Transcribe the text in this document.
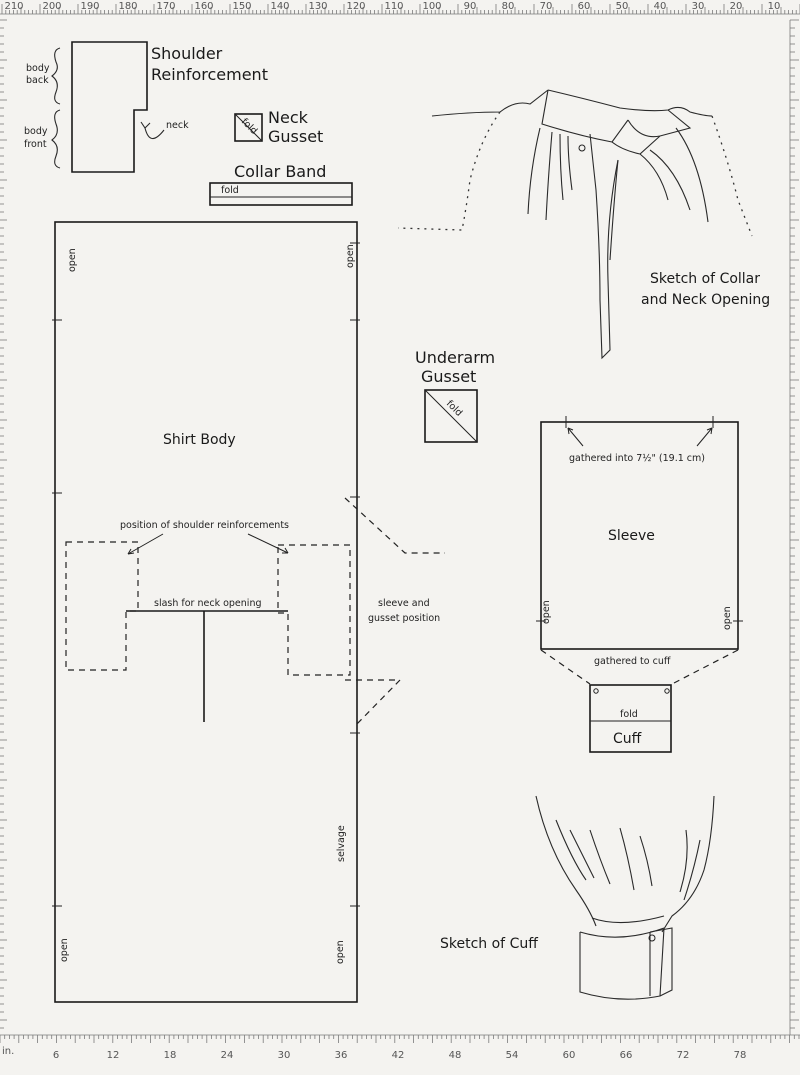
210 200 190 180 170 160 150 140 130 120 110 100 90	80	70	60	50	40	30	20	10
in.	6	12	18	24	30	36	42	48	54	60	66	72	78
Shoulder
Reinforcement
body
back
body
front
neck	fold Neck
Gusset
Collar Band
fold
Shirt Body
open	open
open	open
selvage
position of shoulder reinforcements
slash for neck opening	sleeve and
gusset position
Underarm
Gusset
fold
gathered into 7½" (19.1 cm)
Sleeve
open	open
gathered to cuff
fold
Cuff
Sketch of Collar
and Neck Opening
Sketch of Cuff
